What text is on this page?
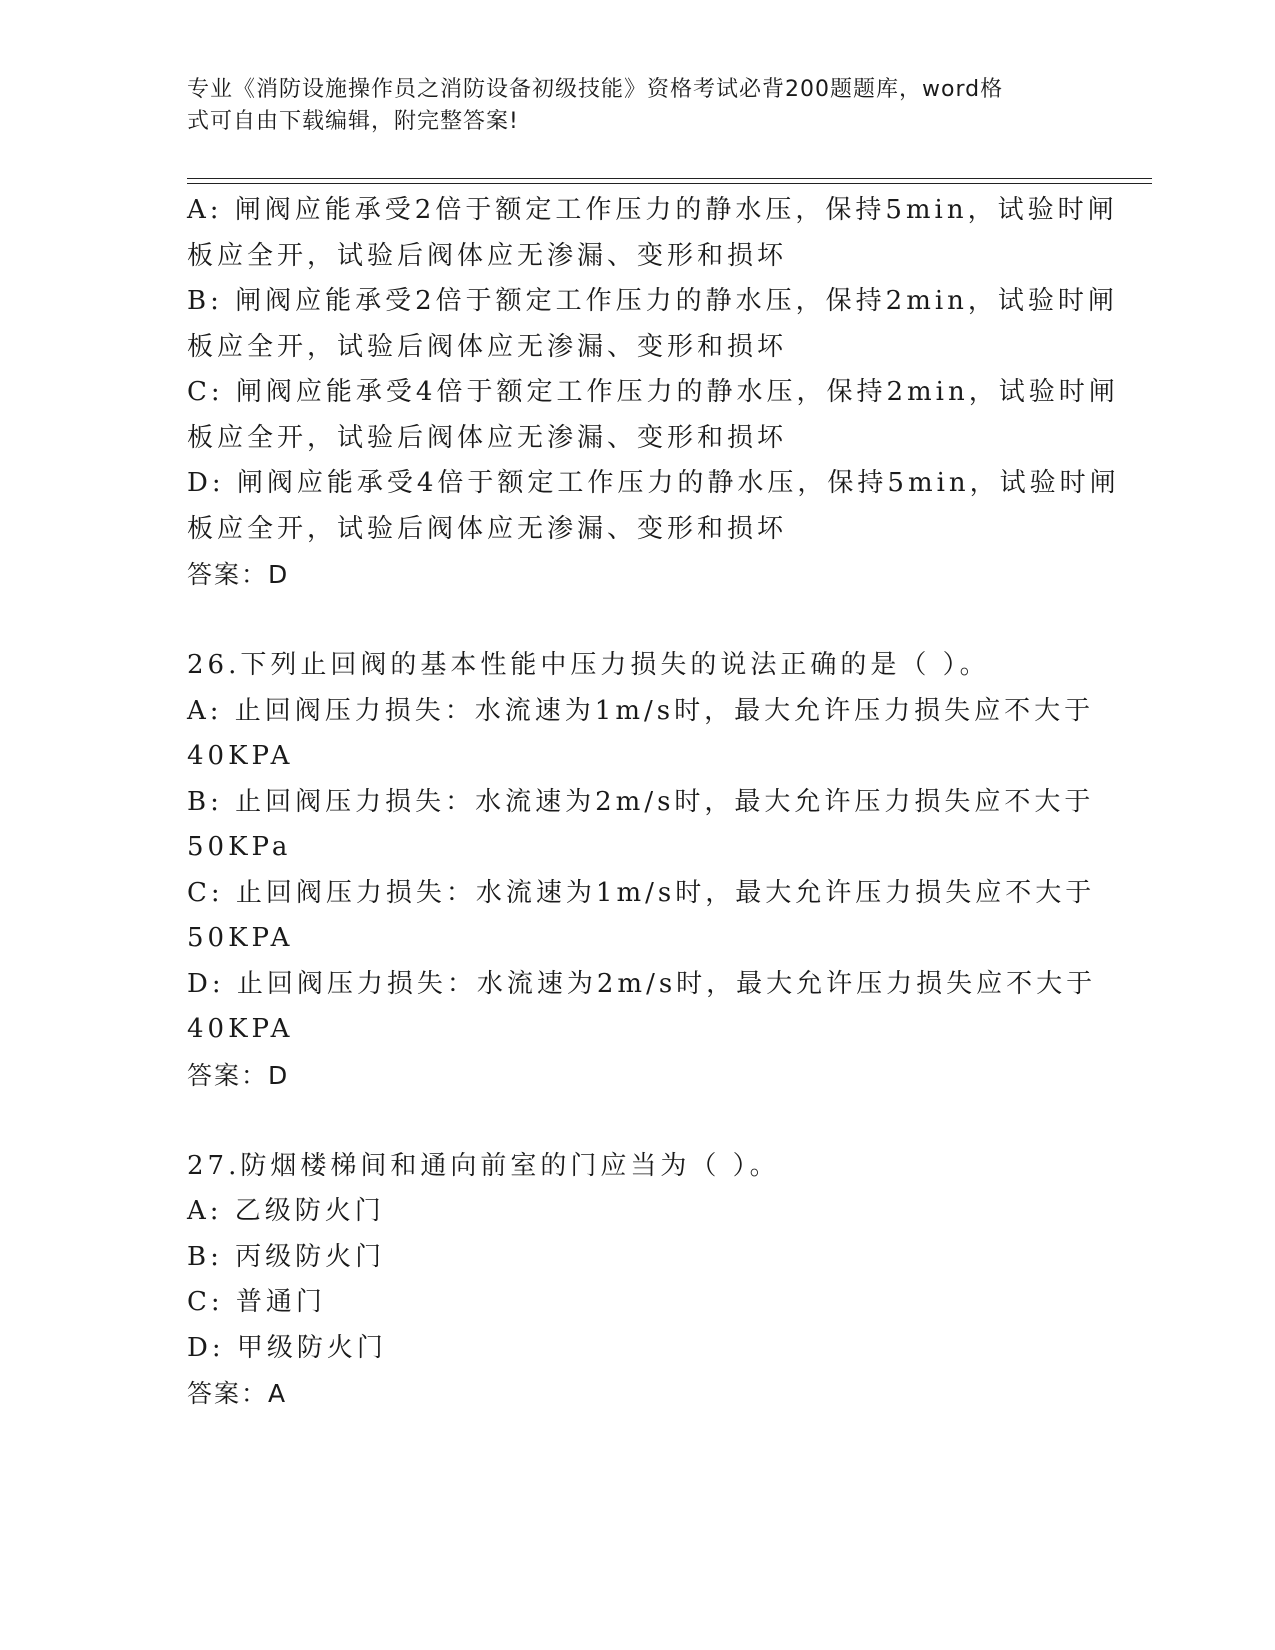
专业《消防设施操作员之消防设备初级技能》资格考试必背200题题库，word格
式可自由下载编辑，附完整答案!
A: 闸阀应能承受2倍于额定工作压力的静水压，保持5min，试验时闸
板应全开，试验后阀体应无渗漏、变形和损坏
B: 闸阀应能承受2倍于额定工作压力的静水压，保持2min，试验时闸
板应全开，试验后阀体应无渗漏、变形和损坏
C: 闸阀应能承受4倍于额定工作压力的静水压，保持2min，试验时闸
板应全开，试验后阀体应无渗漏、变形和损坏
D: 闸阀应能承受4倍于额定工作压力的静水压，保持5min，试验时闸
板应全开，试验后阀体应无渗漏、变形和损坏
答案：D
26.下列止回阀的基本性能中压力损失的说法正确的是（ ）。
A: 止回阀压力损失：水流速为1m/s时，最大允许压力损失应不大于
40KPA
B: 止回阀压力损失：水流速为2m/s时，最大允许压力损失应不大于
50KPa
C: 止回阀压力损失：水流速为1m/s时，最大允许压力损失应不大于
50KPA
D: 止回阀压力损失：水流速为2m/s时，最大允许压力损失应不大于
40KPA
答案：D
27.防烟楼梯间和通向前室的门应当为（ ）。
A: 乙级防火门
B: 丙级防火门
C: 普通门
D: 甲级防火门
答案：A
